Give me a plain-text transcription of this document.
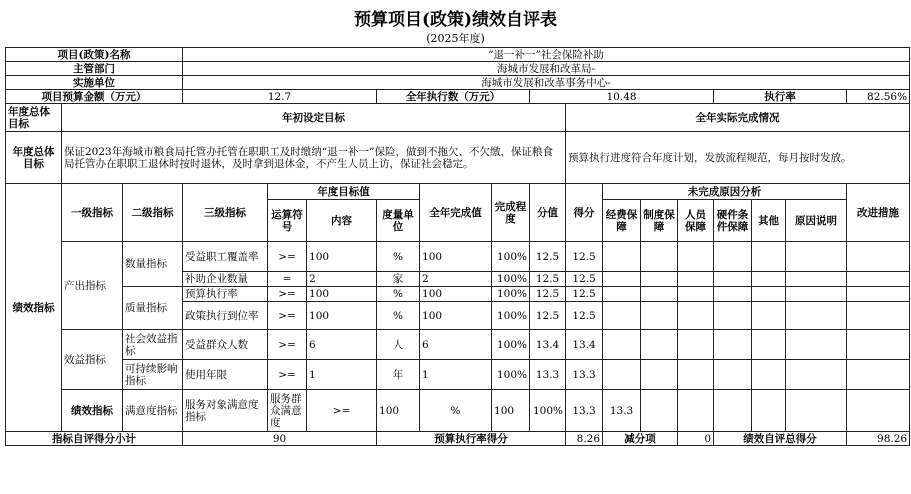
预算项目(政策)绩效自评表
(2025年度)
项目(政策)名称			“退一补一”社会保险补助															
主管部门			海城市发展和改革局-															
实施单位			海城市发展和改革事务中心-															
项目预算金额（万元）			12.7			全年执行数（万元）			10.48					执行率			82.56%	
年度总体目标	年初设定目标									全年实际完成情况								
年度总体目标	保证2023年海城市粮食局托管办托管在职职工及时缴纳“退一补一”保险，做到不拖欠、不欠缴，保证粮食局托管办在职职工退休时按时退休，及时拿到退休金，不产生人员上访，保证社会稳定。									预算执行进度符合年度计划，发放流程规范，每月按时发放。								
绩效指标	一级指标	二级指标	三级指标	年度目标值			全年完成值	完成程度	分值	得分	未完成原因分析						改进措施	
				运算符号	内容	度量单位					经费保障	制度保障	人员保障	硬件条件保障	其他	原因说明		
	产出指标	数量指标	受益职工覆盖率	>=	100	%	100	100%	12.5	12.5								
			补助企业数量	=	2	家	2	100%	12.5	12.5								
		质量指标	预算执行率	>=	100	%	100	100%	12.5	12.5								
			政策执行到位率	>=	100	%	100	100%	12.5	12.5								
	效益指标	社会效益指标	受益群众人数	>=	6	人	6	100%	13.4	13.4								
		可持续影响指标	使用年限	>=	1	年	1	100%	13.3	13.3								
	绩效指标	满意度指标	服务对象满意度指标	服务群众满意度	>=	100	%	100	100%	13.3	13.3							
指标自评得分小计			90			预算执行率得分				8.26	减分项		0	绩效自评总得分			98.26	
